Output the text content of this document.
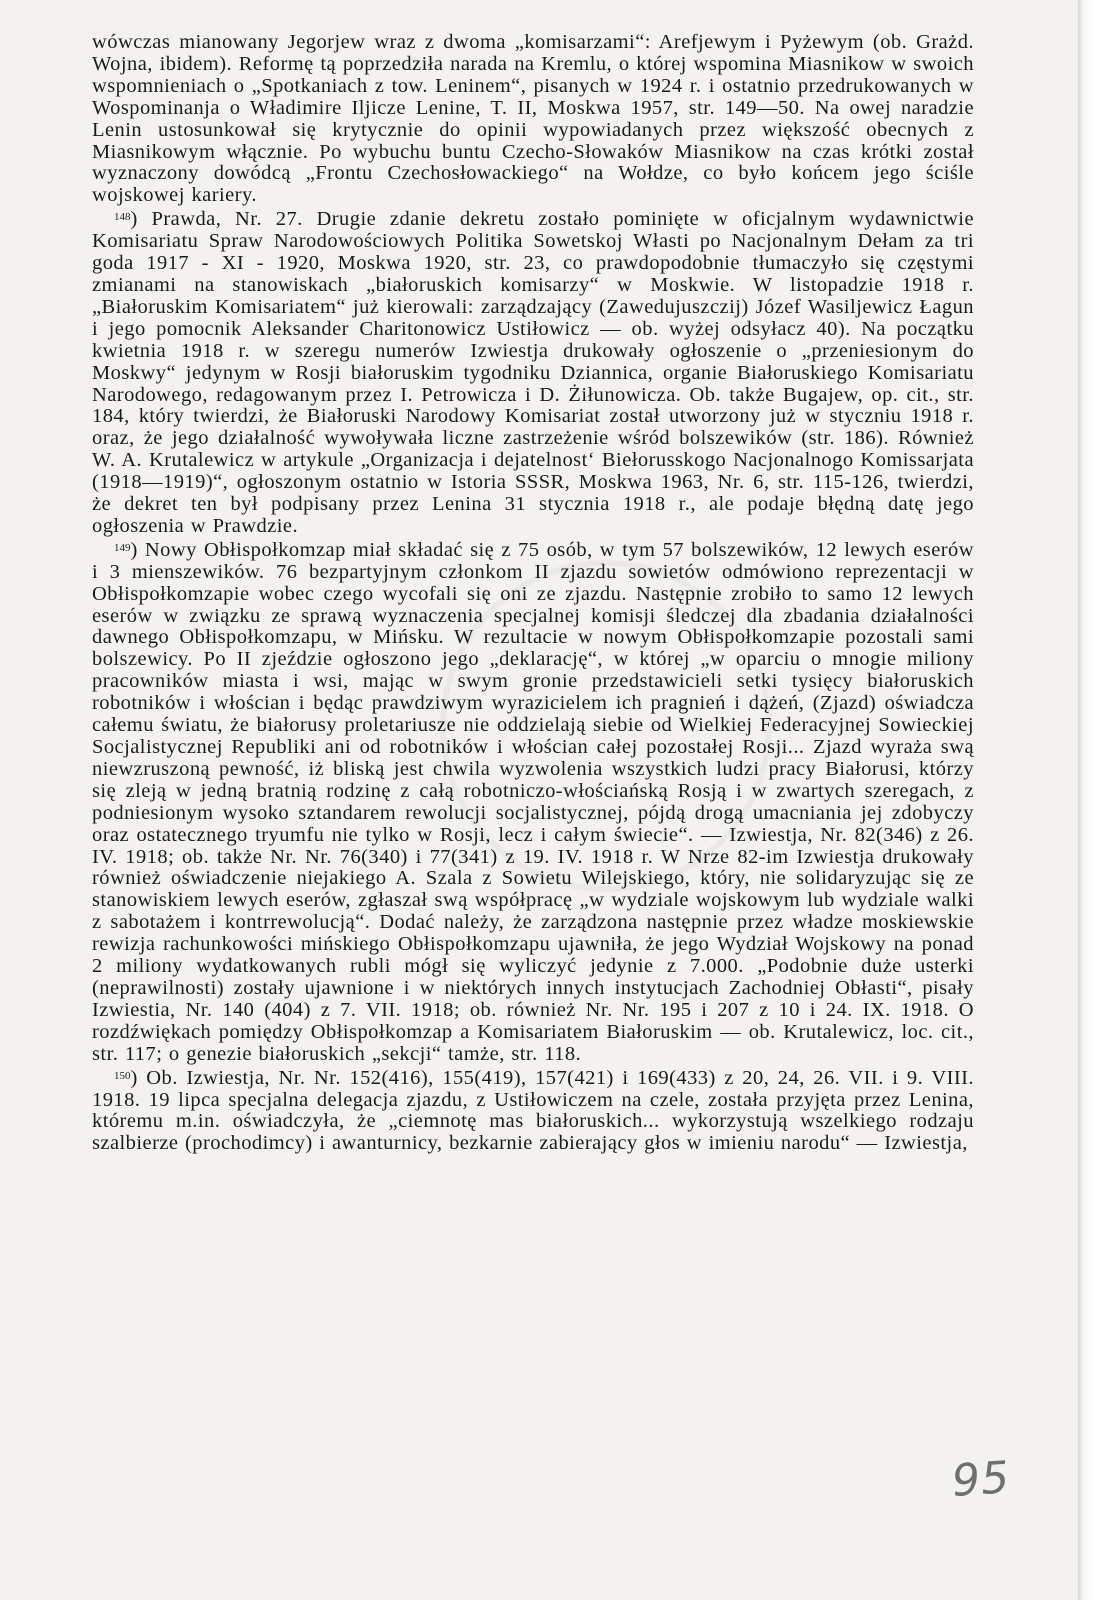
wówczas mianowany Jegorjew wraz z dwoma „komisarzami“: Arefjewym i Pyżewym (ob. Grażd. Wojna, ibidem). Reformę tą poprzedziła narada na Kremlu, o której wspomina Miasnikow w swoich wspomnieniach o „Spotkaniach z tow. Leninem“, pisanych w 1924 r. i ostatnio przedrukowanych w Wospominanja o Władimire Iljicze Lenine, T. II, Moskwa 1957, str. 149—50. Na owej naradzie Lenin ustosunkował się krytycznie do opinii wypowiadanych przez większość obecnych z Miasnikowym włącznie. Po wybuchu buntu Czecho-Słowaków Miasnikow na czas krótki został wyznaczony dowódcą „Frontu Czechosłowackiego“ na Wołdze, co było końcem jego ściśle wojskowej kariery.

$^{148}$) Prawda, Nr. 27. Drugie zdanie dekretu zostało pominięte w oficjalnym wydawnictwie Komisariatu Spraw Narodowościowych Politika Sowetskoj Własti po Nacjonalnym Dełam za tri goda 1917 - XI - 1920, Moskwa 1920, str. 23, co prawdopodobnie tłumaczyło się częstymi zmianami na stanowiskach „białoruskich komisarzy“ w Moskwie. W listopadzie 1918 r. „Białoruskim Komisariatem“ już kierowali: zarządzający (Zawedujuszczij) Józef Wasiljewicz Łagun i jego pomocnik Aleksander Charitonowicz Ustiłowicz — ob. wyżej odsyłacz 40). Na początku kwietnia 1918 r. w szeregu numerów Izwiestja drukowały ogłoszenie o „przeniesionym do Moskwy“ jedynym w Rosji białoruskim tygodniku Dziannica, organie Białoruskiego Komisariatu Narodowego, redagowanym przez I. Petrowicza i D. Żiłunowicza. Ob. także Bugajew, op. cit., str. 184, który twierdzi, że Białoruski Narodowy Komisariat został utworzony już w styczniu 1918 r. oraz, że jego działalność wywoływała liczne zastrzeżenie wśród bolszewików (str. 186). Również W. A. Krutalewicz w artykule „Organizacja i dejatelnost‘ Biełorusskogo Nacjonalnogo Komissarjata (1918—1919)“, ogłoszonym ostatnio w Istoria SSSR, Moskwa 1963, Nr. 6, str. 115-126, twierdzi, że dekret ten był podpisany przez Lenina 31 stycznia 1918 r., ale podaje błędną datę jego ogłoszenia w Prawdzie.

$^{149}$) Nowy Obłispołkomzap miał składać się z 75 osób, w tym 57 bolszewików, 12 lewych eserów i 3 mienszewików. 76 bezpartyjnym członkom II zjazdu sowietów odmówiono reprezentacji w Obłispołkomzapie wobec czego wycofali się oni ze zjazdu. Następnie zrobiło to samo 12 lewych eserów w związku ze sprawą wyznaczenia specjalnej komisji śledczej dla zbadania działalności dawnego Obłispołkomzapu, w Mińsku. W rezultacie w nowym Obłispołkomzapie pozostali sami bolszewicy. Po II zjeździe ogłoszono jego „deklarację“, w której „w oparciu o mnogie miliony pracowników miasta i wsi, mając w swym gronie przedstawicieli setki tysięcy białoruskich robotników i włościan i będąc prawdziwym wyrazicielem ich pragnień i dążeń, (Zjazd) oświadcza całemu światu, że białorusy proletariusze nie oddzielają siebie od Wielkiej Federacyjnej Sowieckiej Socjalistycznej Republiki ani od robotników i włościan całej pozostałej Rosji... Zjazd wyraża swą niewzruszoną pewność, iż bliską jest chwila wyzwolenia wszystkich ludzi pracy Białorusi, którzy się zleją w jedną bratnią rodzinę z całą robotniczo-włościańską Rosją i w zwartych szeregach, z podniesionym wysoko sztandarem rewolucji socjalistycznej, pójdą drogą umacniania jej zdobyczy oraz ostatecznego tryumfu nie tylko w Rosji, lecz i całym świecie“. — Izwiestja, Nr. 82(346) z 26. IV. 1918; ob. także Nr. Nr. 76(340) i 77(341) z 19. IV. 1918 r. W Nrze 82-im Izwiestja drukowały również oświadczenie niejakiego A. Szala z Sowietu Wilejskiego, który, nie solidaryzując się ze stanowiskiem lewych eserów, zgłaszał swą współpracę „w wydziale wojskowym lub wydziale walki z sabotażem i kontrrewolucją“. Dodać należy, że zarządzona następnie przez władze moskiewskie rewizja rachunkowości mińskiego Obłispołkomzapu ujawniła, że jego Wydział Wojskowy na ponad 2 miliony wydatkowanych rubli mógł się wyliczyć jedynie z 7.000. „Podobnie duże usterki (neprawilnosti) zostały ujawnione i w niektórych innych instytucjach Zachodniej Obłasti“, pisały Izwiestia, Nr. 140 (404) z 7. VII. 1918; ob. również Nr. Nr. 195 i 207 z 10 i 24. IX. 1918. O rozdźwiękach pomiędzy Obłispołkomzap a Komisariatem Białoruskim — ob. Krutalewicz, loc. cit., str. 117; o genezie białoruskich „sekcji“ tamże, str. 118.

$^{150}$) Ob. Izwiestja, Nr. Nr. 152(416), 155(419), 157(421) i 169(433) z 20, 24, 26. VII. i 9. VIII. 1918. 19 lipca specjalna delegacja zjazdu, z Ustiłowiczem na czele, została przyjęta przez Lenina, któremu m.in. oświadczyła, że „ciemnotę mas białoruskich... wykorzystują wszelkiego rodzaju szalbierze (prochodimcy) i awanturnicy, bezkarnie zabierający głos w imieniu narodu“ — Izwiestja,

95
